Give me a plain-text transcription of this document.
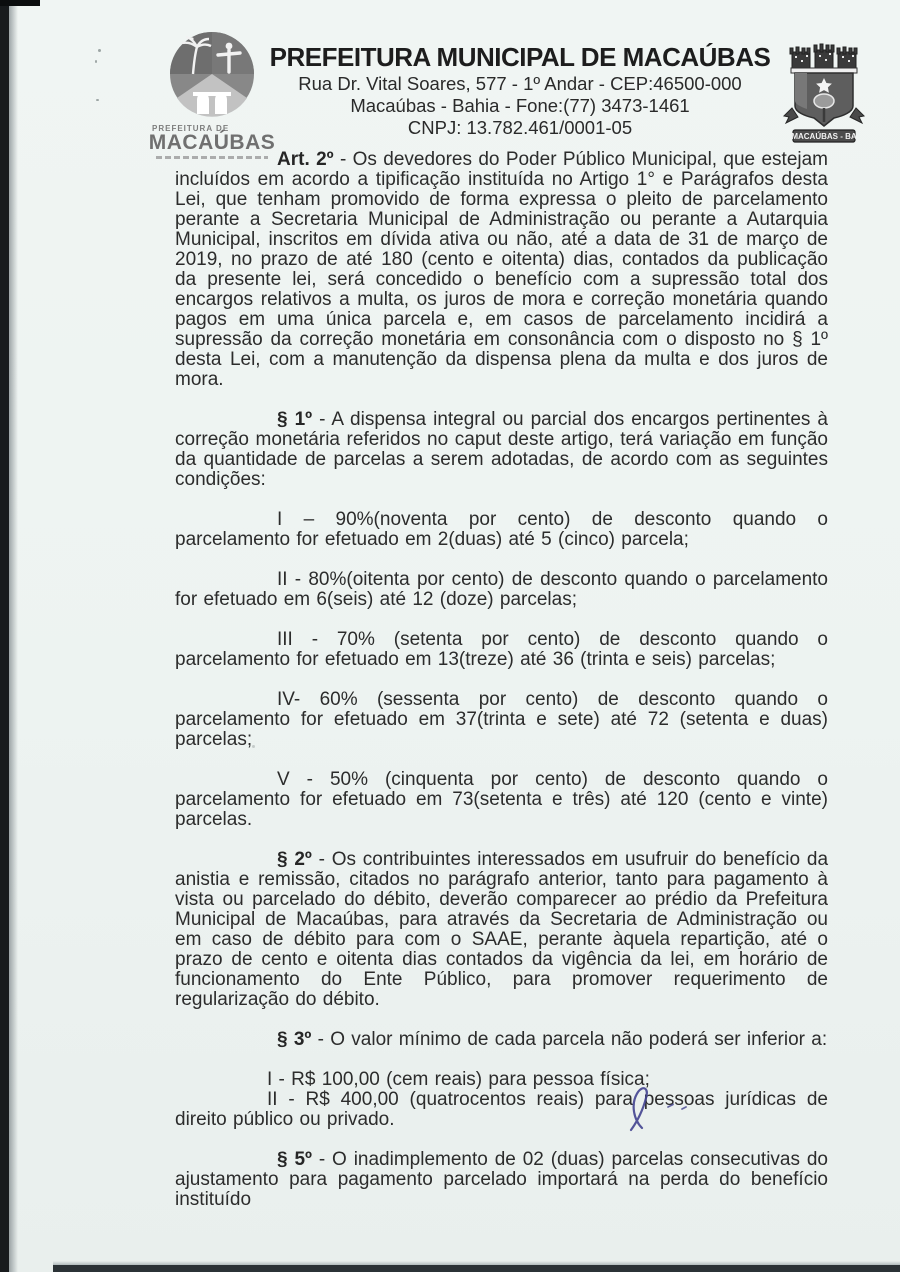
PREFEITURA DE
MACAÚBAS
PREFEITURA MUNICIPAL DE MACAÚBAS
Rua Dr. Vital Soares, 577 - 1º Andar - CEP:46500-000
Macaúbas - Bahia - Fone:(77) 3473-1461
CNPJ: 13.782.461/0001-05	MACAÚBAS - BA
Art. 2º - Os devedores do Poder Público Municipal, que estejam incluídos em acordo a tipificação instituída no Artigo 1° e Parágrafos desta Lei, que tenham promovido de forma expressa o pleito de parcelamento perante a Secretaria Municipal de Administração ou perante a Autarquia Municipal, inscritos em dívida ativa ou não, até a data de 31 de março de 2019, no prazo de até 180 (cento e oitenta) dias, contados da publicação da presente lei, será concedido o benefício com a supressão total dos encargos relativos a multa, os juros de mora e correção monetária quando pagos em uma única parcela e, em casos de parcelamento incidirá a supressão da correção monetária em consonância com o disposto no § 1º desta Lei, com a manutenção da dispensa plena da multa e dos juros de mora.
§ 1º - A dispensa integral ou parcial dos encargos pertinentes à correção monetária referidos no caput deste artigo, terá variação em função da quantidade de parcelas a serem adotadas, de acordo com as seguintes condições:
I – 90%(noventa por cento) de desconto quando o parcelamento for efetuado em 2(duas) até 5 (cinco) parcela;
II - 80%(oitenta por cento) de desconto quando o parcelamento for efetuado em 6(seis) até 12 (doze) parcelas;
III - 70% (setenta por cento) de desconto quando o parcelamento for efetuado em 13(treze) até 36 (trinta e seis) parcelas;
IV- 60% (sessenta por cento) de desconto quando o parcelamento for efetuado em 37(trinta e sete) até 72 (setenta e duas) parcelas;
V - 50% (cinquenta por cento) de desconto quando o parcelamento for efetuado em 73(setenta e três) até 120 (cento e vinte) parcelas.
§ 2º - Os contribuintes interessados em usufruir do benefício da anistia e remissão, citados no parágrafo anterior, tanto para pagamento à vista ou parcelado do débito, deverão comparecer ao prédio da Prefeitura Municipal de Macaúbas, para através da Secretaria de Administração ou em caso de débito para com o SAAE, perante àquela repartição, até o prazo de cento e oitenta dias contados da vigência da lei, em horário de funcionamento do Ente Público, para promover requerimento de regularização do débito.
§ 3º - O valor mínimo de cada parcela não poderá ser inferior a:
I - R$ 100,00 (cem reais) para pessoa física;
II - R$ 400,00 (quatrocentos reais) para pessoas jurídicas de direito público ou privado.
§ 5º - O inadimplemento de 02 (duas) parcelas consecutivas do ajustamento para pagamento parcelado importará na perda do benefício instituído
